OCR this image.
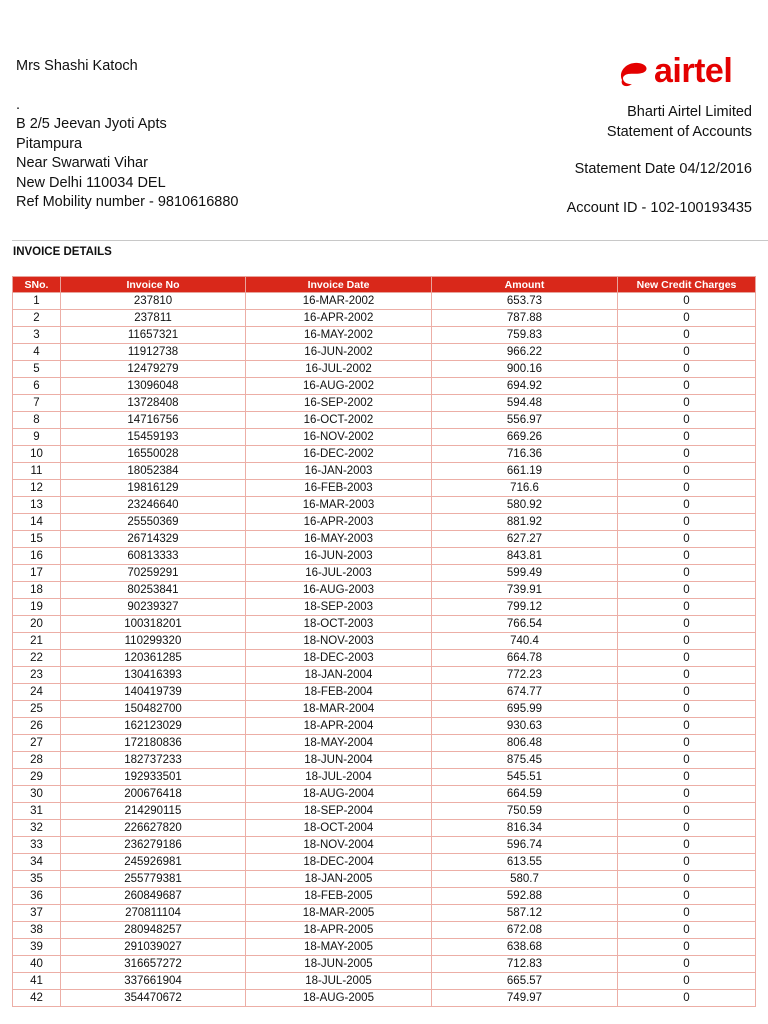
Mrs Shashi Katoch
.
B 2/5 Jeevan Jyoti Apts
Pitampura
Near Swarwati Vihar
New Delhi 110034 DEL
Ref Mobility number - 9810616880
airtel
Bharti Airtel Limited
Statement of Accounts
Statement Date 04/12/2016
Account ID - 102-100193435
INVOICE DETAILS
SNo.	Invoice No	Invoice Date	Amount	New Credit Charges
1	237810	16-MAR-2002	653.73	0
2	237811	16-APR-2002	787.88	0
3	11657321	16-MAY-2002	759.83	0
4	11912738	16-JUN-2002	966.22	0
5	12479279	16-JUL-2002	900.16	0
6	13096048	16-AUG-2002	694.92	0
7	13728408	16-SEP-2002	594.48	0
8	14716756	16-OCT-2002	556.97	0
9	15459193	16-NOV-2002	669.26	0
10	16550028	16-DEC-2002	716.36	0
11	18052384	16-JAN-2003	661.19	0
12	19816129	16-FEB-2003	716.6	0
13	23246640	16-MAR-2003	580.92	0
14	25550369	16-APR-2003	881.92	0
15	26714329	16-MAY-2003	627.27	0
16	60813333	16-JUN-2003	843.81	0
17	70259291	16-JUL-2003	599.49	0
18	80253841	16-AUG-2003	739.91	0
19	90239327	18-SEP-2003	799.12	0
20	100318201	18-OCT-2003	766.54	0
21	110299320	18-NOV-2003	740.4	0
22	120361285	18-DEC-2003	664.78	0
23	130416393	18-JAN-2004	772.23	0
24	140419739	18-FEB-2004	674.77	0
25	150482700	18-MAR-2004	695.99	0
26	162123029	18-APR-2004	930.63	0
27	172180836	18-MAY-2004	806.48	0
28	182737233	18-JUN-2004	875.45	0
29	192933501	18-JUL-2004	545.51	0
30	200676418	18-AUG-2004	664.59	0
31	214290115	18-SEP-2004	750.59	0
32	226627820	18-OCT-2004	816.34	0
33	236279186	18-NOV-2004	596.74	0
34	245926981	18-DEC-2004	613.55	0
35	255779381	18-JAN-2005	580.7	0
36	260849687	18-FEB-2005	592.88	0
37	270811104	18-MAR-2005	587.12	0
38	280948257	18-APR-2005	672.08	0
39	291039027	18-MAY-2005	638.68	0
40	316657272	18-JUN-2005	712.83	0
41	337661904	18-JUL-2005	665.57	0
42	354470672	18-AUG-2005	749.97	0
